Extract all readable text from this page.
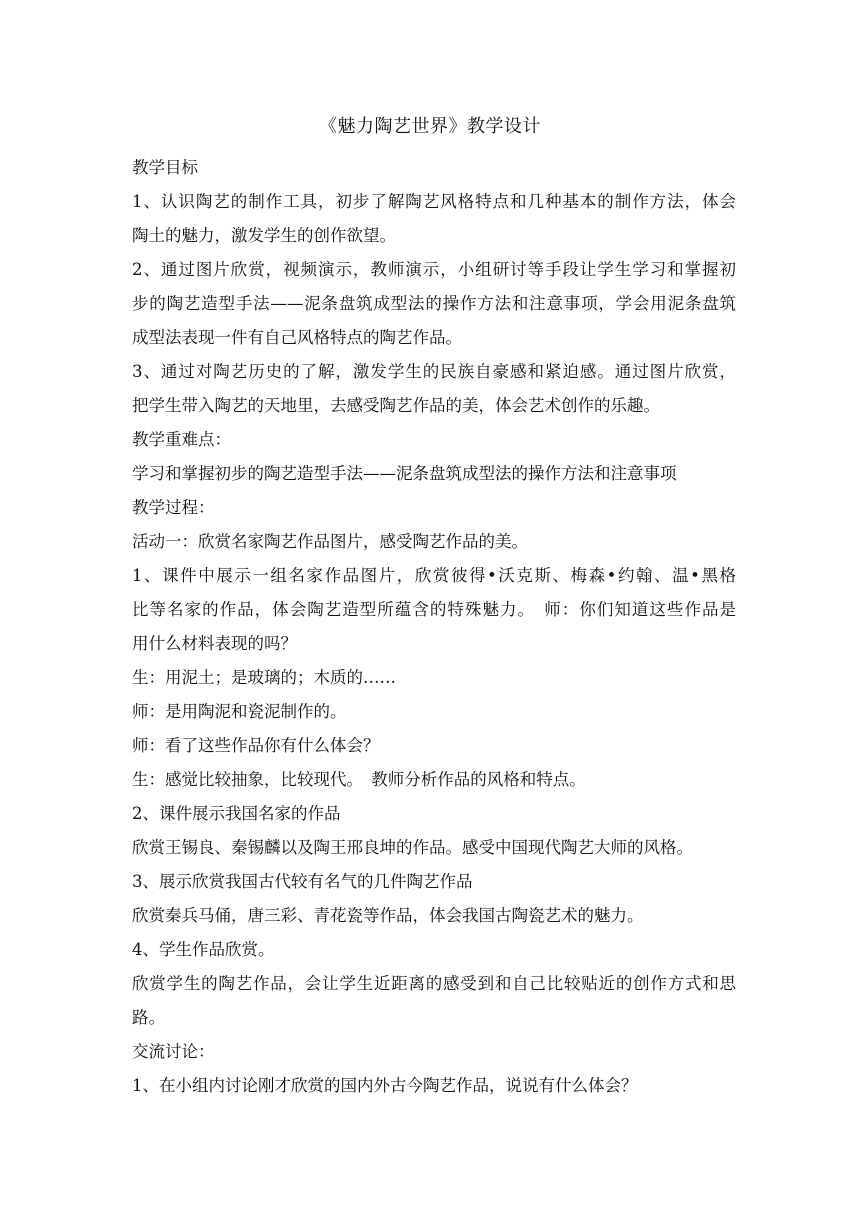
《魅力陶艺世界》教学设计
教学目标
1、认识陶艺的制作工具，初步了解陶艺风格特点和几种基本的制作方法，体会
陶土的魅力，激发学生的创作欲望。
2、通过图片欣赏，视频演示，教师演示，小组研讨等手段让学生学习和掌握初
步的陶艺造型手法——泥条盘筑成型法的操作方法和注意事项，学会用泥条盘筑
成型法表现一件有自己风格特点的陶艺作品。
3、通过对陶艺历史的了解，激发学生的民族自豪感和紧迫感。通过图片欣赏，
把学生带入陶艺的天地里，去感受陶艺作品的美，体会艺术创作的乐趣。
教学重难点：
学习和掌握初步的陶艺造型手法——泥条盘筑成型法的操作方法和注意事项
教学过程：
活动一：欣赏名家陶艺作品图片，感受陶艺作品的美。
1、课件中展示一组名家作品图片，欣赏彼得•沃克斯、梅森•约翰、温•黑格
比等名家的作品，体会陶艺造型所蕴含的特殊魅力。　师：你们知道这些作品是
用什么材料表现的吗？
生：用泥土；是玻璃的；木质的……
师：是用陶泥和瓷泥制作的。
师：看了这些作品你有什么体会？
生：感觉比较抽象，比较现代。　教师分析作品的风格和特点。
2、课件展示我国名家的作品
欣赏王锡良、秦锡麟以及陶王邢良坤的作品。感受中国现代陶艺大师的风格。
3、展示欣赏我国古代较有名气的几件陶艺作品
欣赏秦兵马俑，唐三彩、青花瓷等作品，体会我国古陶瓷艺术的魅力。
4、学生作品欣赏。
欣赏学生的陶艺作品，会让学生近距离的感受到和自己比较贴近的创作方式和思
路。
交流讨论：
1、在小组内讨论刚才欣赏的国内外古今陶艺作品，说说有什么体会？
